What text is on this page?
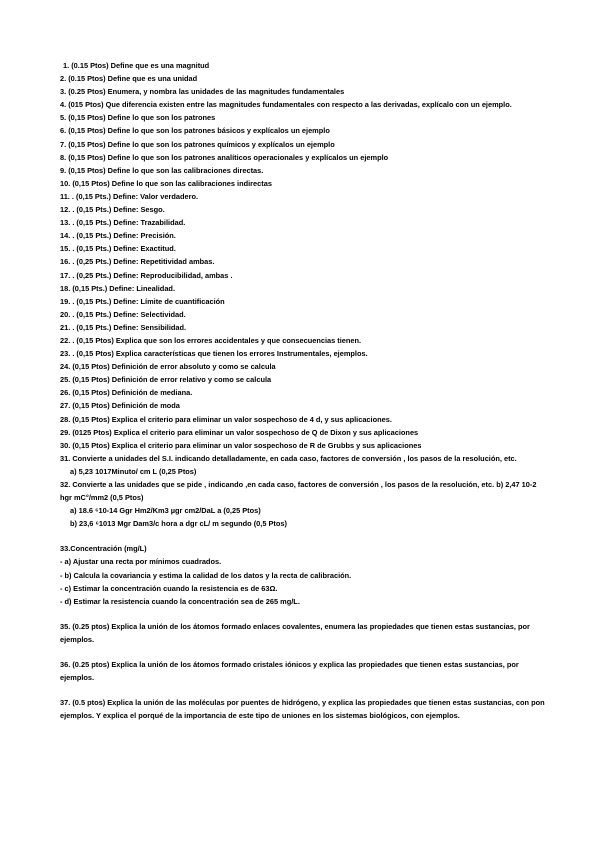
1. (0.15 Ptos) Define que es una magnitud
2. (0.15 Ptos) Define que es una unidad
3. (0.25 Ptos) Enumera, y nombra las unidades de las magnitudes fundamentales
4. (015 Ptos) Que diferencia existen entre las magnitudes fundamentales con respecto a las derivadas, explícalo con un ejemplo.
5. (0,15 Ptos) Define lo que son los patrones
6. (0,15 Ptos) Define lo que son los patrones básicos y explícalos un ejemplo
7. (0,15 Ptos) Define lo que son los patrones químicos y explícalos un ejemplo
8. (0,15 Ptos) Define lo que son los patrones analíticos operacionales y explícalos un ejemplo
9. (0,15 Ptos) Define lo que son las calibraciones directas.
10. (0,15 Ptos) Define lo que son las calibraciones indirectas
11. . (0,15 Pts.) Define: Valor verdadero.
12. . (0,15 Pts.) Define: Sesgo.
13. . (0,15 Pts.) Define: Trazabilidad.
14. . (0,15 Pts.) Define: Precisión.
15. . (0,15 Pts.) Define: Exactitud.
16. . (0,25 Pts.) Define: Repetitividad ambas.
17. . (0,25 Pts.) Define: Reproducibilidad, ambas .
18. (0,15 Pts.) Define: Linealidad.
19. . (0,15 Pts.) Define: Límite de cuantificación
20. . (0,15 Pts.) Define: Selectividad.
21. . (0,15 Pts.) Define: Sensibilidad.
22. . (0,15 Ptos) Explica que son los errores accidentales y que consecuencias tienen.
23. . (0,15 Ptos) Explica características que tienen los errores Instrumentales, ejemplos.
24. (0,15 Ptos) Definición de error absoluto y como se calcula
25. (0,15 Ptos) Definición de error relativo y como se calcula
26. (0,15 Ptos) Definición de mediana.
27. (0,15 Ptos) Definición de moda
28. (0,15 Ptos) Explica el criterio para eliminar un valor sospechoso de 4 d, y sus aplicaciones.
29. (0125 Ptos) Explica el criterio para eliminar un valor sospechoso de Q de Dixon y sus aplicaciones
30. (0,15 Ptos) Explica el criterio para eliminar un valor sospechoso de R de Grubbs y sus aplicaciones
31. Convierte a unidades del S.I. indicando detalladamente, en cada caso, factores de conversión , los pasos de la resolución, etc.
a) 5,23 1017Minuto/ cm L (0,25 Ptos)
32. Convierte a las unidades que se pide , indicando ,en cada caso, factores de conversión , los pasos de la resolución, etc. b) 2,47 10-2 hgr mC°/mm2 (0,5 Ptos)
a) 18.6 ⁶10-14 Ggr Hm2/Km3 µgr cm2/DaL a (0,25 Ptos)
b) 23,6 ⁶1013 Mgr Dam3/c hora a dgr cL/ m segundo (0,5 Ptos)
33.Concentración (mg/L)
- a) Ajustar una recta por mínimos cuadrados.
- b) Calcula la covariancia y estima la calidad de los datos y la recta de calibración.
- c) Estimar la concentración cuando la resistencia es de 63Ω.
- d) Estimar la resistencia cuando la concentración sea de 265 mg/L.
35. (0.25 ptos) Explica la unión de los átomos formado enlaces covalentes, enumera las propiedades que tienen estas sustancias, por ejemplos.
36. (0.25 ptos) Explica la unión de los átomos formado cristales iónicos y explica las propiedades que tienen estas sustancias, por ejemplos.
37. (0.5 ptos) Explica la unión de las moléculas por puentes de hidrógeno, y explica las propiedades que tienen estas sustancias, con pon ejemplos. Y explica el porqué de la importancia de este tipo de uniones en los sistemas biológicos, con ejemplos.
